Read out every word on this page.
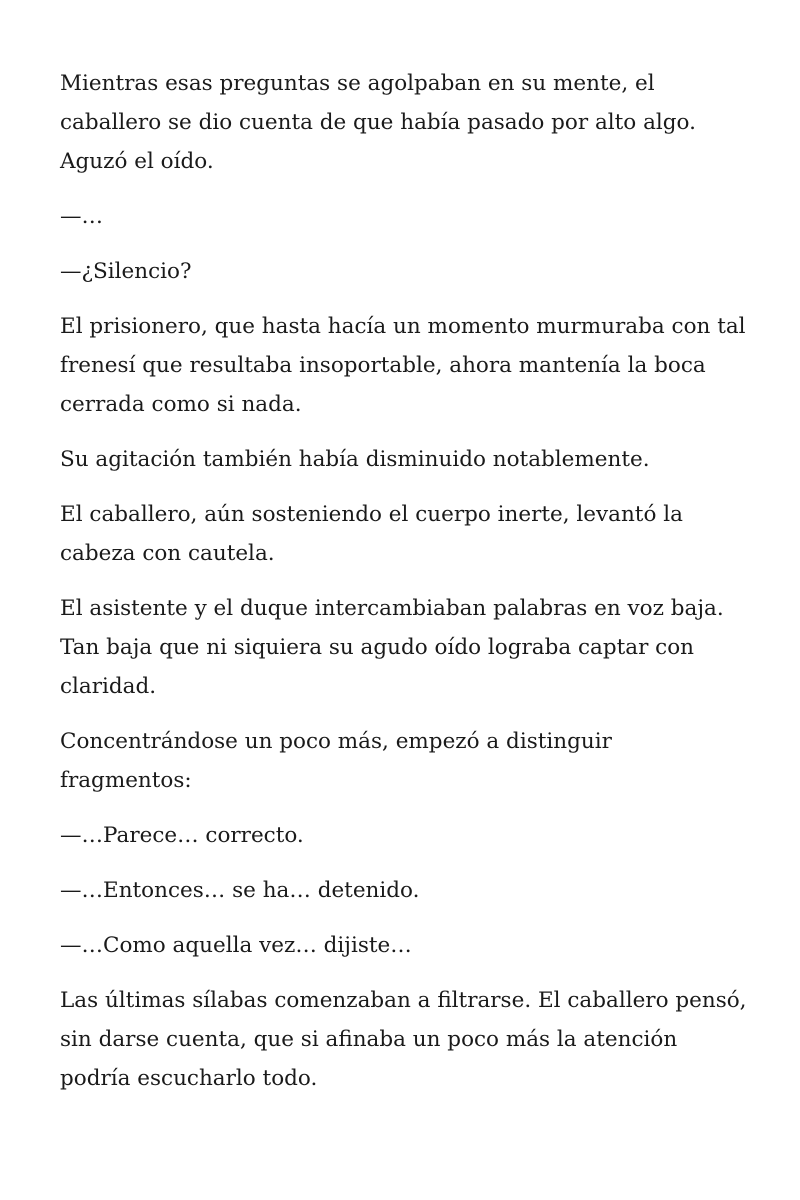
Mientras esas preguntas se agolpaban en su mente, el caballero se dio cuenta de que había pasado por alto algo. Aguzó el oído.

—…

—¿Silencio?

El prisionero, que hasta hacía un momento murmuraba con tal frenesí que resultaba insoportable, ahora mantenía la boca cerrada como si nada.

Su agitación también había disminuido notablemente.

El caballero, aún sosteniendo el cuerpo inerte, levantó la cabeza con cautela.

El asistente y el duque intercambiaban palabras en voz baja. Tan baja que ni siquiera su agudo oído lograba captar con claridad.

Concentrándose un poco más, empezó a distinguir fragmentos:

—…Parece… correcto.

—…Entonces… se ha… detenido.

—…Como aquella vez… dijiste…

Las últimas sílabas comenzaban a filtrarse. El caballero pensó, sin darse cuenta, que si afinaba un poco más la atención podría escucharlo todo.
